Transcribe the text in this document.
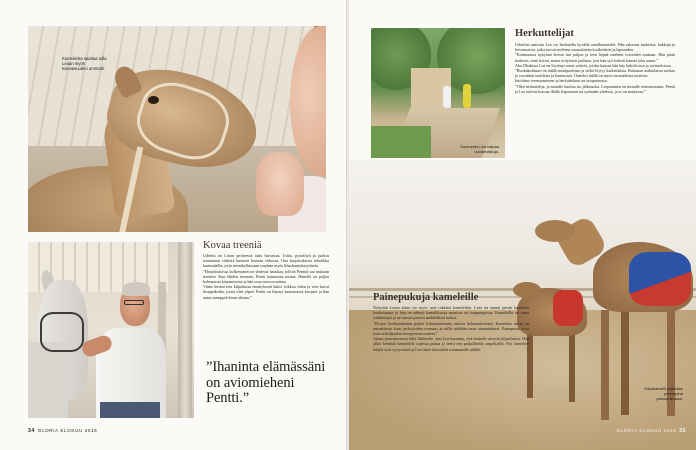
Kameleista saattaa tulla Leaan myös tulevaisuuden ammatti.
Kovaa treeniä

Urheilu on Leaan perheessä tuttu harrastus. Uutta, pyöräilyä ja juoksu treenataan viidestä kuuteen kertaan viikossa. Ona harjoituksista tekniikka kuntoudella, jotta treenikylkimaan saadaan myös lihaskuntoharjoittelu.

”Harjoituksissa kulkeminen on yhdessä hauskaa, jolloin Penttiä saa mukaan treeniin. Kun lähden treenata, Pentti kannustaa minua. Hänellä on paljon kokemusta kisaamisesta ja hän osaa neuvoa minua.

Viime kesäni tein kilpailussa ennätykseni kaksi viikkoa sitten ja vein kuvat kisapaikoilta, joista olen ylpeä. Pentti on käynyt katsomassa kisojani ja hän antaa tsemppiä kisan aikana.”

”Ihaninta elämässäni on aviomieheni Pentti.”
34 GLORIA ELOKUU 2016
Kilpakamelit palkitaan parempina painopukuissa.
Suomesta Lea kaipaa vuodenaikoja.
Herkuttelijat

Urheilun ansiosta Lea voi herkutella hyvällä omallatunnolla. Hän rakastaa makeisia, kakkuja ja leivonnaisia, jotka tuovat mieleen suomalaisen kotikeittiön ja lapsuuden.

”Kotimaassa nykyään leivon itse paljon ja teen leipää mieheni toiveiden mukaan. Hän pitää kaikesta, mitä leivon, mutta erityisesti pullasta, jota hän syö kahvin kanssa joka aamu.”

Abu Dhabissa Lea on löytänyt uusia ystäviä, joiden kanssa hän käy kahviloissa ja ravintoloissa.

”Ruokakulttuuri on täällä monipuolinen ja sieltä löytyy kaikenlaista. Rakastan arabialaista ruokaa ja varsinkin taateleita ja hummusta. Onneksi täällä on myös suomalaisia tuotteita.

Intohimo treenaamiseen ja herkutteluun on tasapainossa.

”Olen herkuttelija, ja minulle kuuluu iso jälkiruoka. Leipominen on minulle rentoutumista. Pentti ja Lea tulevat kotona illalla leipomaan tai syömään yhdessä, ja se on mukavaa.”

Painepukuja kameleille

Nykyään Leaan aikaa vie myös uusi rakkaus kameleihin. Leaa on saanut pestin kamelien kouluttajana ja hän on nähnyt kamelikisoja monissa eri kaupungeissa. Kameleilla on omat valmentajat ja ne saavat parasta mahdollista hoitoa.

”Pystyn hyödyntämään paljon liikuntatietoutta omista kokemuksistani. Kamelien treeni on samanlaista kuin juoksijoiden treenaus ja niille tehdään omat suunnitelmat. Painopuvut ovat kuin urheilijoiden kompressiovaatteet.”

Ajatus painopuvuista lähti liikkeelle, kun Lea huomasi, että kamelit väsyvät kilpailuissa. Hän alkoi kehittää kameleille sopivaa pukua ja teetti sen paikallisella ompelijalla. Nyt kamelien tekijät ovat tyytyväisiä ja Lea tekee tilaustöitä useammalle tallille.

GLORIA ELOKUU 2016 35
